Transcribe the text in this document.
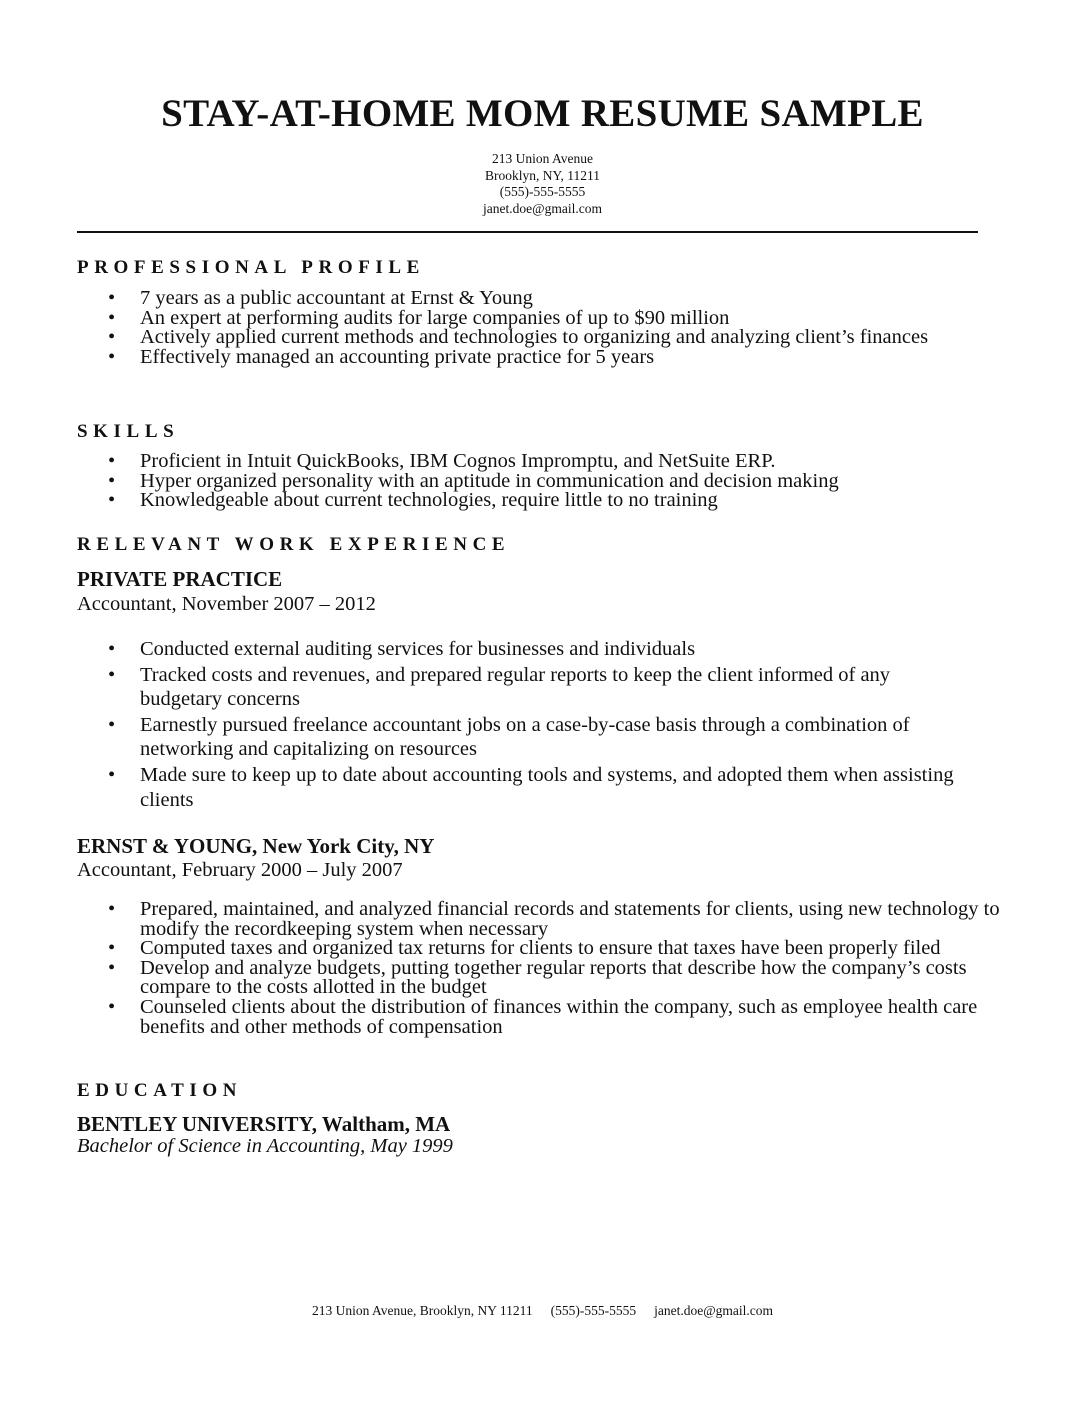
STAY-AT-HOME MOM RESUME SAMPLE
213 Union Avenue
Brooklyn, NY, 11211
(555)-555-5555
janet.doe@gmail.com
PROFESSIONAL PROFILE
• 7 years as a public accountant at Ernst & Young
• An expert at performing audits for large companies of up to $90 million
• Actively applied current methods and technologies to organizing and analyzing client’s finances
• Effectively managed an accounting private practice for 5 years
SKILLS
• Proficient in Intuit QuickBooks, IBM Cognos Impromptu, and NetSuite ERP.
• Hyper organized personality with an aptitude in communication and decision making
• Knowledgeable about current technologies, require little to no training
RELEVANT WORK EXPERIENCE
PRIVATE PRACTICE
Accountant, November 2007 – 2012
• Conducted external auditing services for businesses and individuals
• Tracked costs and revenues, and prepared regular reports to keep the client informed of any budgetary concerns
• Earnestly pursued freelance accountant jobs on a case-by-case basis through a combination of networking and capitalizing on resources
• Made sure to keep up to date about accounting tools and systems, and adopted them when assisting clients
ERNST & YOUNG, New York City, NY
Accountant, February 2000 – July 2007
• Prepared, maintained, and analyzed financial records and statements for clients, using new technology to modify the recordkeeping system when necessary
• Computed taxes and organized tax returns for clients to ensure that taxes have been properly filed
• Develop and analyze budgets, putting together regular reports that describe how the company’s costs compare to the costs allotted in the budget
• Counseled clients about the distribution of finances within the company, such as employee health care benefits and other methods of compensation
EDUCATION
BENTLEY UNIVERSITY, Waltham, MA
Bachelor of Science in Accounting, May 1999
213 Union Avenue, Brooklyn, NY 11211 (555)-555-5555 janet.doe@gmail.com
